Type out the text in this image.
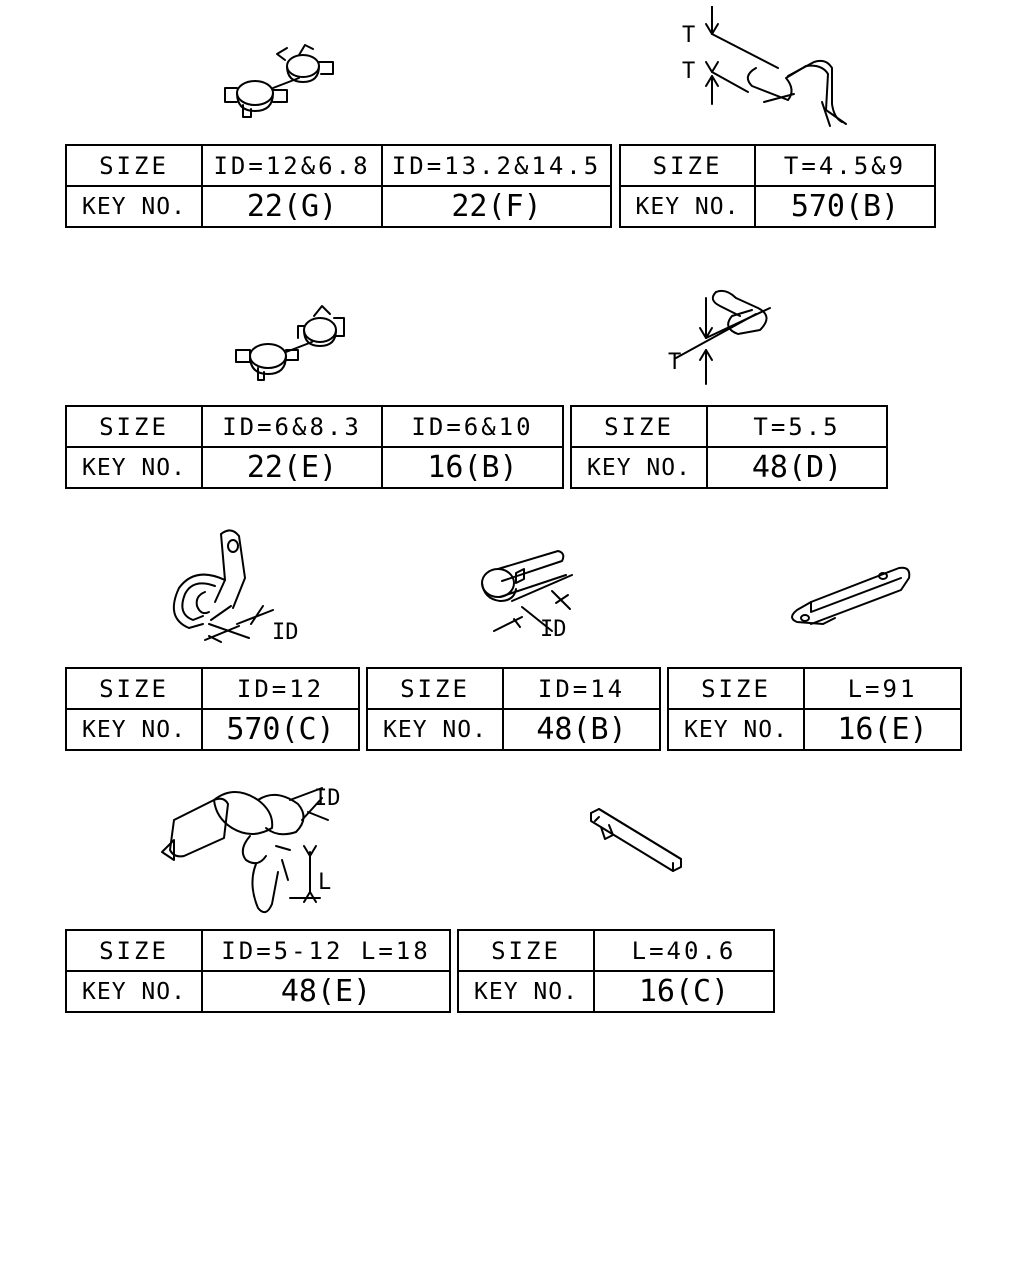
T
T
T
ID	ID
ID
L
SIZE	ID=12&6.8	ID=13.2&14.5
KEY NO.	22(G)	22(F)
SIZE	T=4.5&9
KEY NO.	570(B)
SIZE	ID=6&8.3	ID=6&10
KEY NO.	22(E)	16(B)
SIZE	T=5.5
KEY NO.	48(D)
SIZE	ID=12
KEY NO.	570(C)
SIZE	ID=14
KEY NO.	48(B)
SIZE	L=91
KEY NO.	16(E)
SIZE	ID=5-12 L=18
KEY NO.	48(E)
SIZE	L=40.6
KEY NO.	16(C)
